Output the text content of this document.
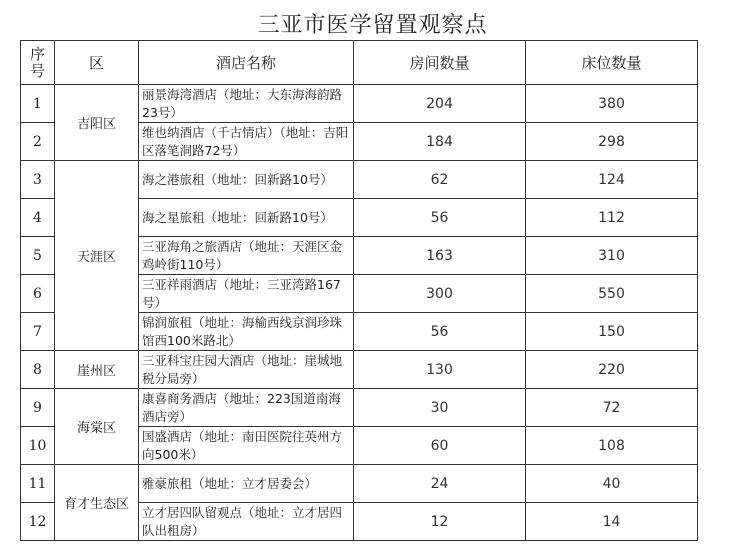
三亚市医学留置观察点
序
号	区	酒店名称	房间数量	床位数量
1	吉阳区	丽景海湾酒店（地址：大东海海韵路23号）	204	380
2		维也纳酒店（千古情店）（地址：吉阳区落笔洞路72号）	184	298
3	天涯区	海之港旅租（地址：回新路10号）	62	124
4		海之星旅租（地址：回新路10号）	56	112
5		三亚海角之旅酒店（地址：天涯区金鸡岭街110号）	163	310
6		三亚祥雨酒店（地址：三亚湾路167号）	300	550
7		锦润旅租（地址：海榆西线京润珍珠馆西100米路北）	56	150
8	崖州区	三亚科宝庄园大酒店（地址：崖城地税分局旁）	130	220
9	海棠区	康喜商务酒店（地址：223国道南海酒店旁）	30	72
10		国盛酒店（地址：南田医院往英州方向500米）	60	108
11	育才生态区	雅豪旅租（地址：立才居委会）	24	40
12		立才居四队留观点（地址：立才居四队出租房）	12	14
